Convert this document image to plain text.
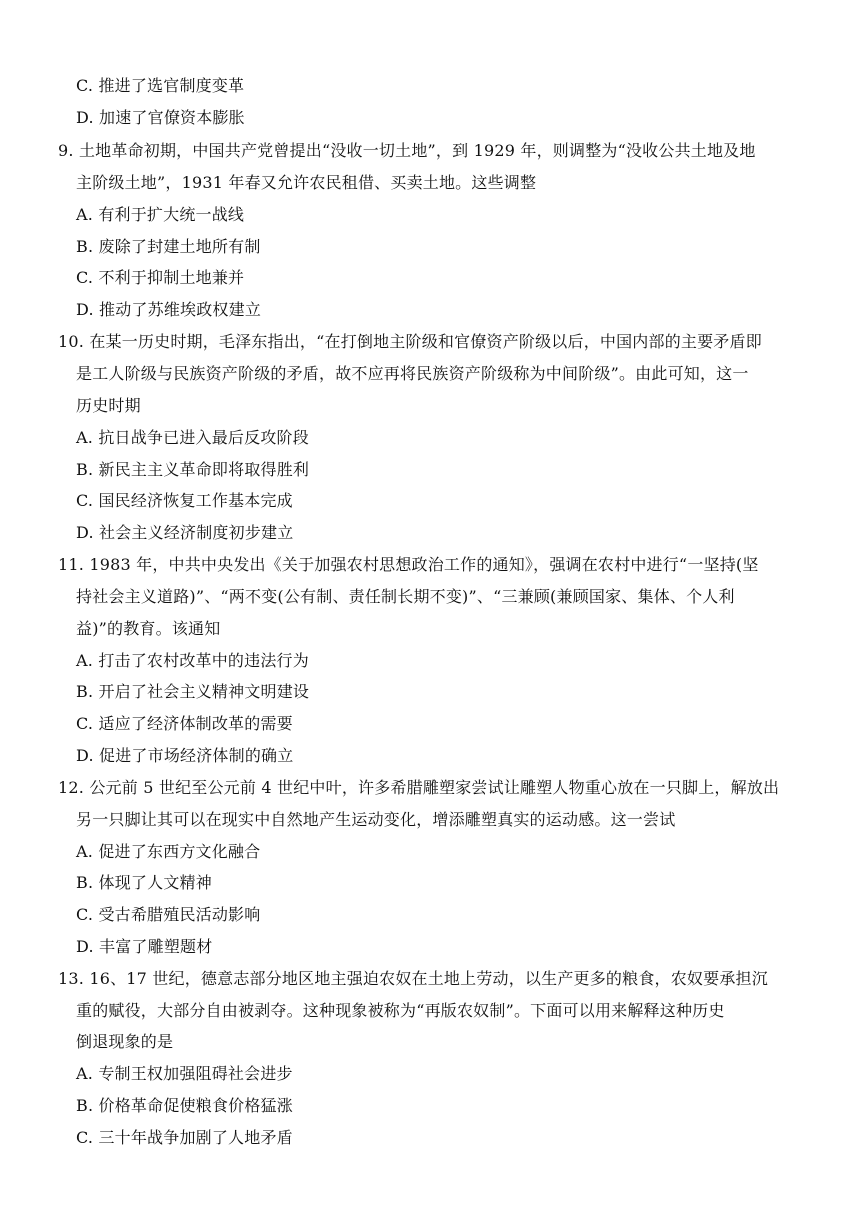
C. 推进了选官制度变革
D. 加速了官僚资本膨胀
9. 土地革命初期，中国共产党曾提出“没收一切土地”，到 1929 年，则调整为“没收公共土地及地
主阶级土地”，1931 年春又允许农民租借、买卖土地。这些调整
A. 有利于扩大统一战线
B. 废除了封建土地所有制
C. 不利于抑制土地兼并
D. 推动了苏维埃政权建立
10. 在某一历史时期，毛泽东指出，“在打倒地主阶级和官僚资产阶级以后，中国内部的主要矛盾即
是工人阶级与民族资产阶级的矛盾，故不应再将民族资产阶级称为中间阶级”。由此可知，这一
历史时期
A. 抗日战争已进入最后反攻阶段
B. 新民主主义革命即将取得胜利
C. 国民经济恢复工作基本完成
D. 社会主义经济制度初步建立
11. 1983 年，中共中央发出《关于加强农村思想政治工作的通知》，强调在农村中进行“一坚持(坚
持社会主义道路)”、“两不变(公有制、责任制长期不变)”、“三兼顾(兼顾国家、集体、个人利
益)”的教育。该通知
A. 打击了农村改革中的违法行为
B. 开启了社会主义精神文明建设
C. 适应了经济体制改革的需要
D. 促进了市场经济体制的确立
12. 公元前 5 世纪至公元前 4 世纪中叶，许多希腊雕塑家尝试让雕塑人物重心放在一只脚上，解放出
另一只脚让其可以在现实中自然地产生运动变化，增添雕塑真实的运动感。这一尝试
A. 促进了东西方文化融合
B. 体现了人文精神
C. 受古希腊殖民活动影响
D. 丰富了雕塑题材
13. 16、17 世纪，德意志部分地区地主强迫农奴在土地上劳动，以生产更多的粮食，农奴要承担沉
重的赋役，大部分自由被剥夺。这种现象被称为“再版农奴制”。下面可以用来解释这种历史
倒退现象的是
A. 专制王权加强阻碍社会进步
B. 价格革命促使粮食价格猛涨
C. 三十年战争加剧了人地矛盾
